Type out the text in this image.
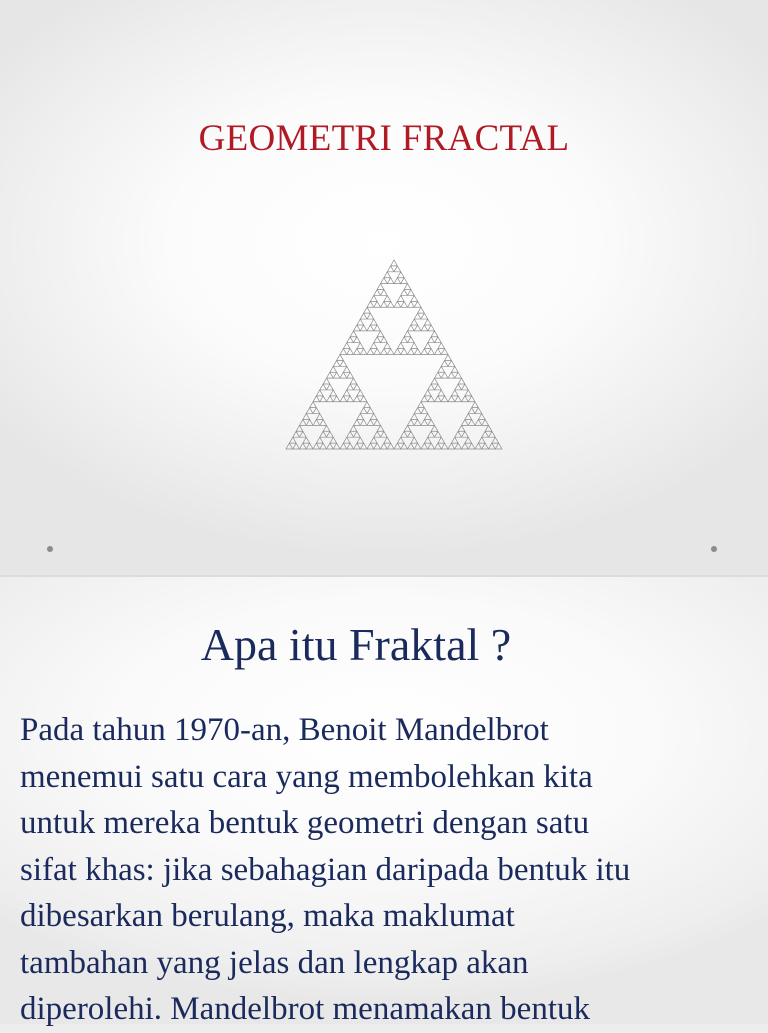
GEOMETRI FRACTAL
Apa itu Fraktal ?
Pada tahun 1970-an, Benoit Mandelbrot
menemui satu cara yang membolehkan kita
untuk mereka bentuk geometri dengan satu
sifat khas: jika sebahagian daripada bentuk itu
dibesarkan berulang, maka maklumat
tambahan yang jelas dan lengkap akan
diperolehi. Mandelbrot menamakan bentuk
